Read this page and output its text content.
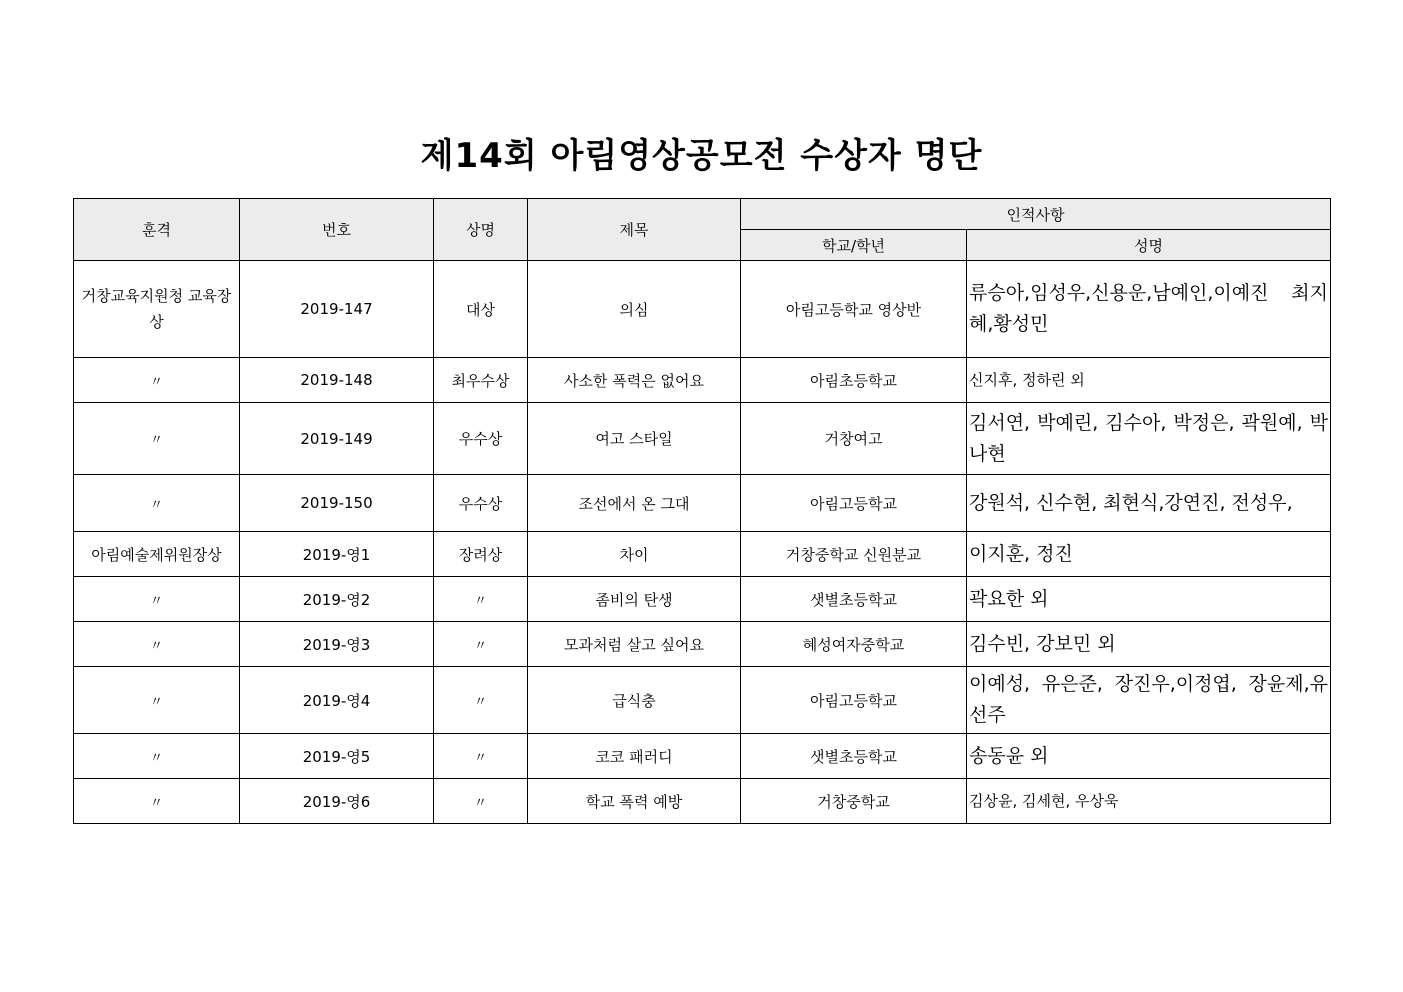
제14회 아림영상공모전 수상자 명단
훈격	번호	상명	제목	인적사항	
				학교/학년	성명
거창교육지원청 교육장상	2019-147	대상	의심	아림고등학교 영상반	류승아,임성우,신용운,남예인,이예진 최지혜,황성민
〃	2019-148	최우수상	사소한 폭력은 없어요	아림초등학교	신지후, 정하린 외
〃	2019-149	우수상	여고 스타일	거창여고	김서연, 박예린, 김수아, 박정은, 곽원예, 박나현
〃	2019-150	우수상	조선에서 온 그대	아림고등학교	강원석, 신수현, 최현식,강연진, 전성우,
아림예술제위원장상	2019-영1	장려상	차이	거창중학교 신원분교	이지훈, 정진
〃	2019-영2	〃	좀비의 탄생	샛별초등학교	곽요한 외
〃	2019-영3	〃	모과처럼 살고 싶어요	혜성여자중학교	김수빈, 강보민 외
〃	2019-영4	〃	급식충	아림고등학교	이예성, 유은준, 장진우,이정엽, 장윤제,유선주
〃	2019-영5	〃	코코 패러디	샛별초등학교	송동윤 외
〃	2019-영6	〃	학교 폭력 예방	거창중학교	김상윤, 김세현, 우상욱
